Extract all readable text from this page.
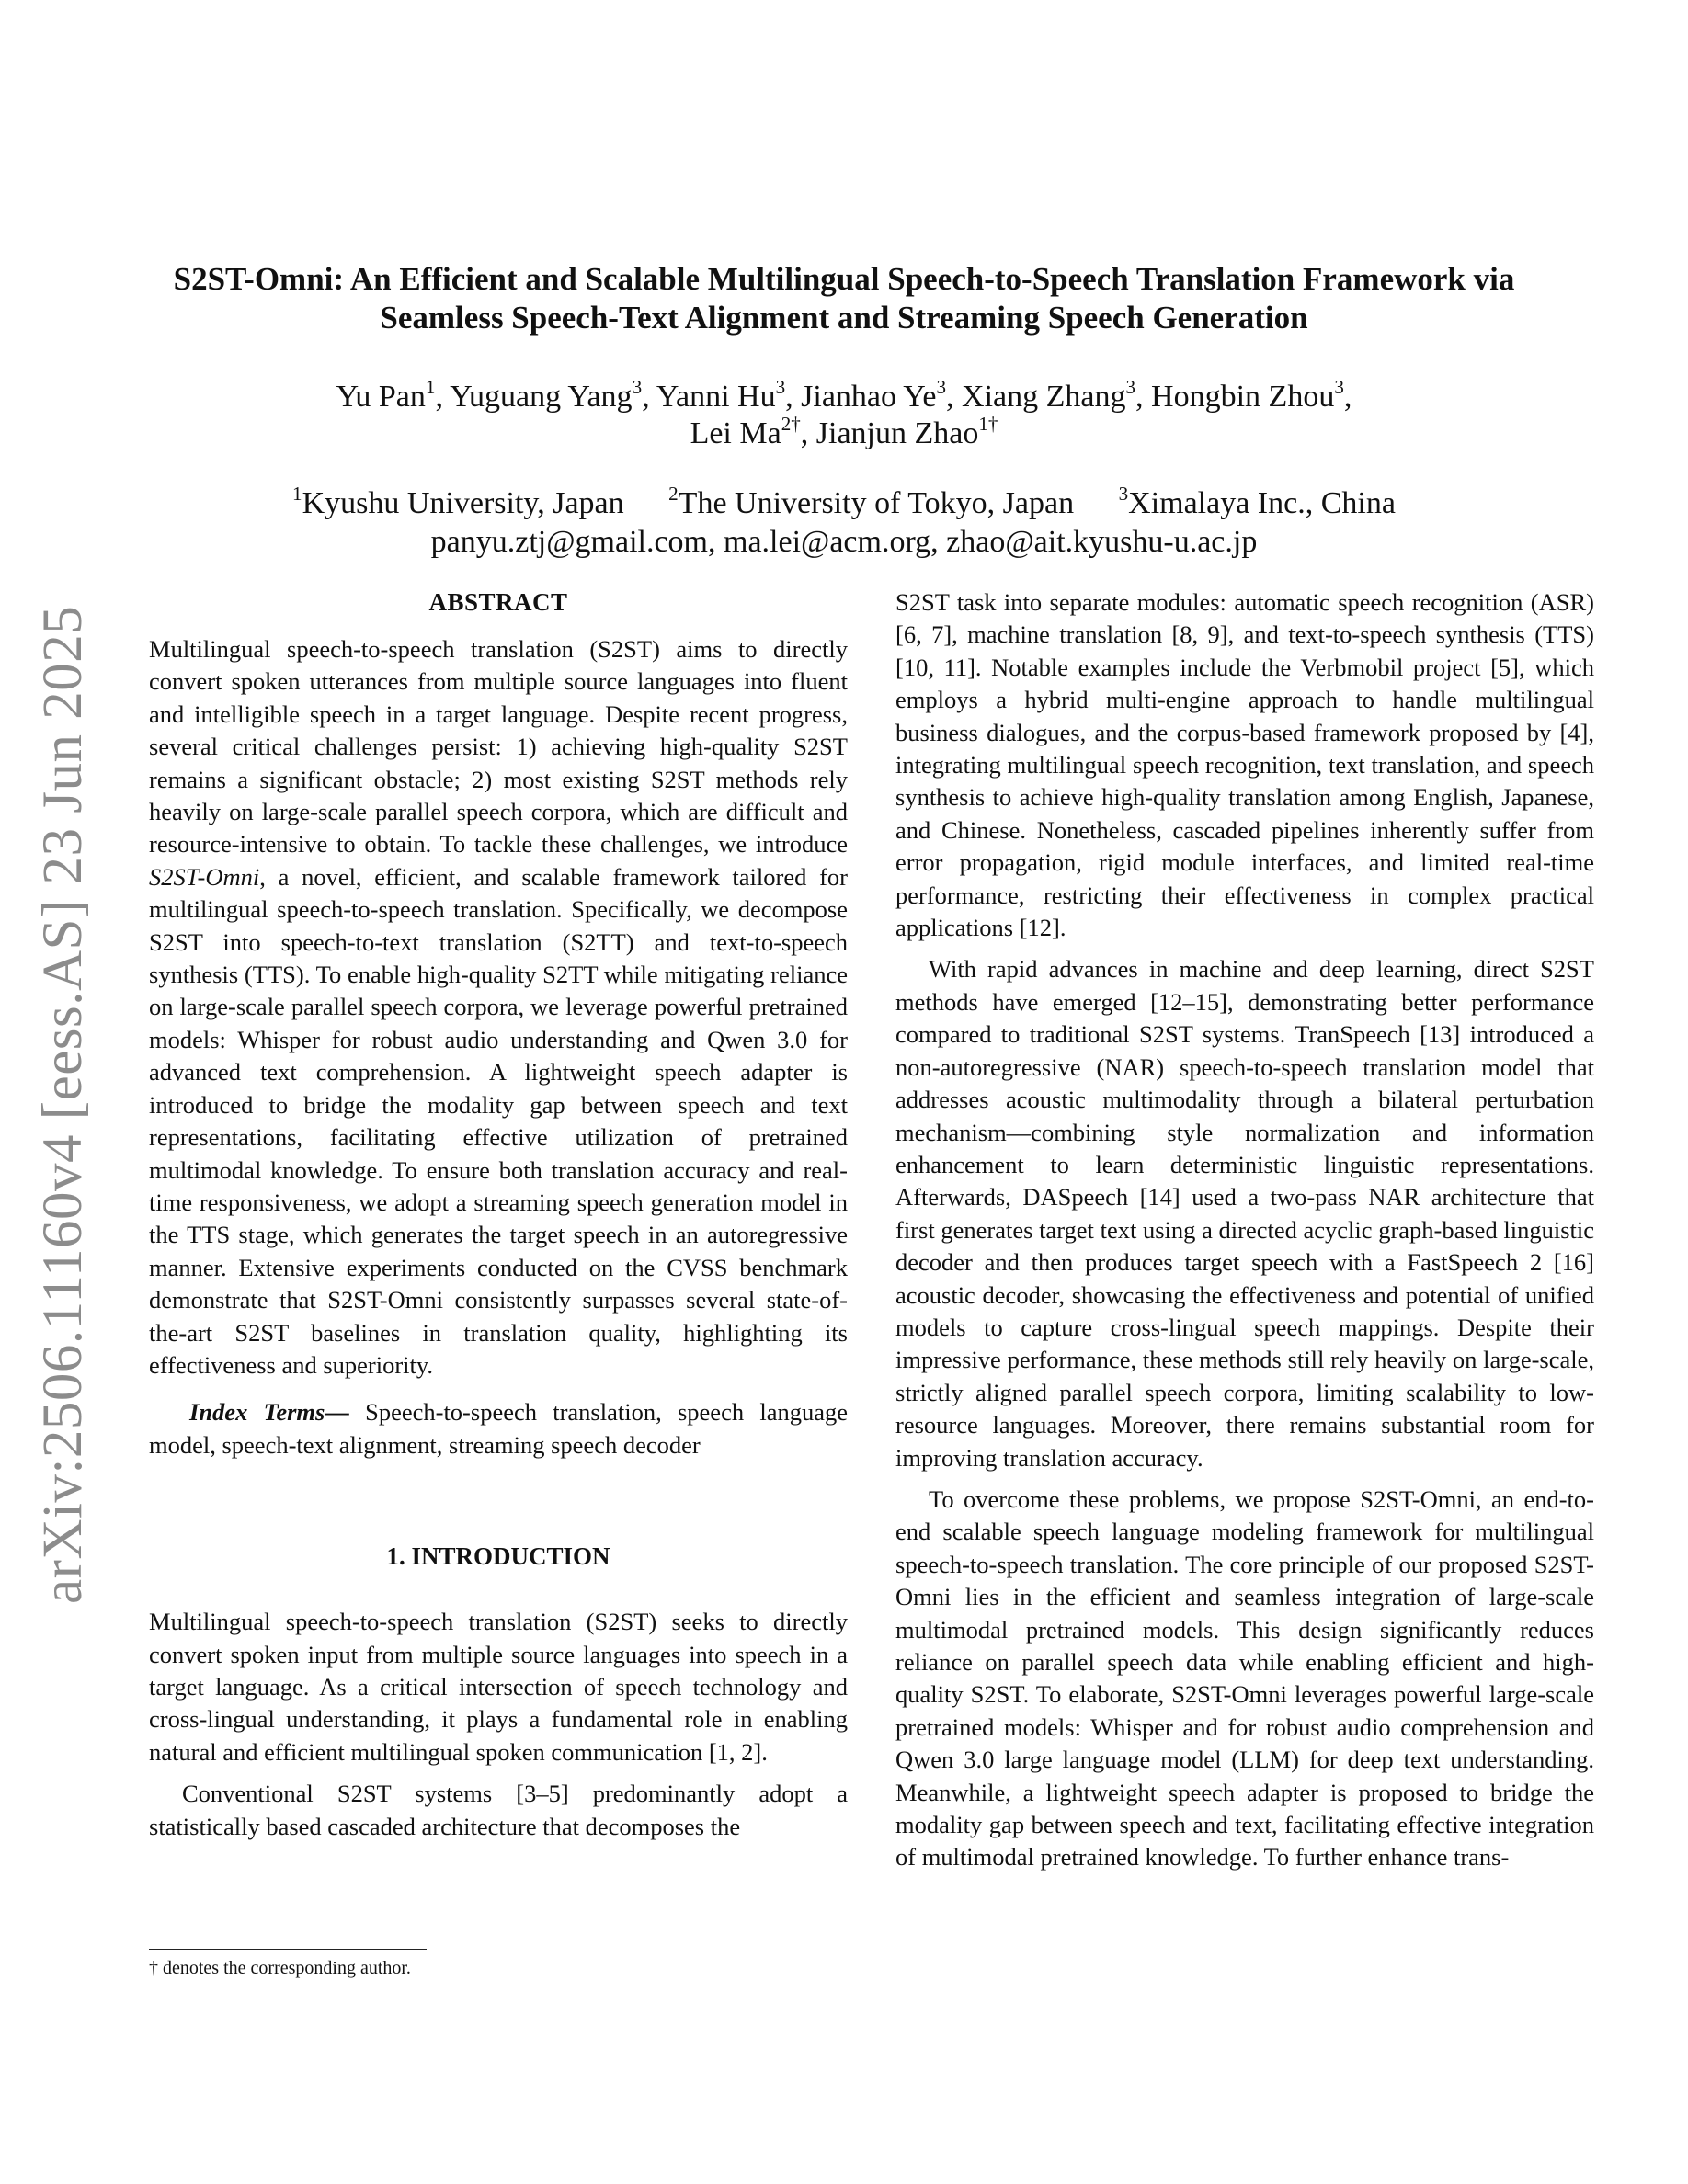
arXiv:2506.11160v4 [eess.AS] 23 Jun 2025
S2ST-Omni: An Efficient and Scalable Multilingual Speech-to-Speech Translation Framework via
Seamless Speech-Text Alignment and Streaming Speech Generation
Yu Pan$^1$, Yuguang Yang$^3$, Yanni Hu$^3$, Jianhao Ye$^3$, Xiang Zhang$^3$, Hongbin Zhou$^3$,
Lei $Ma^{2\dagger}$, Jianjun Zhao$^{1\dagger}$
$^1$Kyushu University, Japan $^2$The University of Tokyo, Japan $^3$Ximalaya Inc., China
panyu.ztj@gmail.com, ma.lei@acm.org, zhao@ait.kyushu-u.ac.jp
ABSTRACT

Multilingual speech-to-speech translation (S2ST) aims to directly convert spoken utterances from multiple source languages into fluent and intelligible speech in a target language. Despite recent progress, several critical challenges persist: 1) achieving high-quality S2ST remains a significant obstacle; 2) most existing S2ST methods rely heavily on large-scale parallel speech corpora, which are difficult and resource-intensive to obtain. To tackle these challenges, we introduce S2ST-Omni, a novel, efficient, and scalable framework tailored for multilingual speech-to-speech translation. Specifically, we decompose S2ST into speech-to-text translation (S2TT) and text-to-speech synthesis (TTS). To enable high-quality S2TT while mitigating reliance on large-scale parallel speech corpora, we leverage powerful pretrained models: Whisper for robust audio understanding and Qwen 3.0 for advanced text comprehension. A lightweight speech adapter is introduced to bridge the modality gap between speech and text representations, facilitating effective utilization of pretrained multimodal knowledge. To ensure both translation accuracy and real-time responsiveness, we adopt a streaming speech generation model in the TTS stage, which generates the target speech in an autoregressive manner. Extensive experiments conducted on the CVSS benchmark demonstrate that S2ST-Omni consistently surpasses several state-of-the-art S2ST baselines in translation quality, highlighting its effectiveness and superiority.

Index Terms— Speech-to-speech translation, speech language model, speech-text alignment, streaming speech decoder

1. INTRODUCTION

Multilingual speech-to-speech translation (S2ST) seeks to directly convert spoken input from multiple source languages into speech in a target language. As a critical intersection of speech technology and cross-lingual understanding, it plays a fundamental role in enabling natural and efficient multilingual spoken communication [1, 2].

Conventional S2ST systems [3–5] predominantly adopt a statistically based cascaded architecture that decomposes the

S2ST task into separate modules: automatic speech recognition (ASR) [6, 7], machine translation [8, 9], and text-to-speech synthesis (TTS) [10, 11]. Notable examples include the Verbmobil project [5], which employs a hybrid multi-engine approach to handle multilingual business dialogues, and the corpus-based framework proposed by [4], integrating multilingual speech recognition, text translation, and speech synthesis to achieve high-quality translation among English, Japanese, and Chinese. Nonetheless, cascaded pipelines inherently suffer from error propagation, rigid module interfaces, and limited real-time performance, restricting their effectiveness in complex practical applications [12].

With rapid advances in machine and deep learning, direct S2ST methods have emerged [12–15], demonstrating better performance compared to traditional S2ST systems. TranSpeech [13] introduced a non-autoregressive (NAR) speech-to-speech translation model that addresses acoustic multimodality through a bilateral perturbation mechanism—combining style normalization and information enhancement to learn deterministic linguistic representations. Afterwards, DASpeech [14] used a two-pass NAR architecture that first generates target text using a directed acyclic graph-based linguistic decoder and then produces target speech with a FastSpeech 2 [16] acoustic decoder, showcasing the effectiveness and potential of unified models to capture cross-lingual speech mappings. Despite their impressive performance, these methods still rely heavily on large-scale, strictly aligned parallel speech corpora, limiting scalability to low-resource languages. Moreover, there remains substantial room for improving translation accuracy.

To overcome these problems, we propose S2ST-Omni, an end-to-end scalable speech language modeling framework for multilingual speech-to-speech translation. The core principle of our proposed S2ST-Omni lies in the efficient and seamless integration of large-scale multimodal pretrained models. This design significantly reduces reliance on parallel speech data while enabling efficient and high-quality S2ST. To elaborate, S2ST-Omni leverages powerful large-scale pretrained models: Whisper and for robust audio comprehension and Qwen 3.0 large language model (LLM) for deep text understanding. Meanwhile, a lightweight speech adapter is proposed to bridge the modality gap between speech and text, facilitating effective integration of multimodal pretrained knowledge. To further enhance trans-

† denotes the corresponding author.
